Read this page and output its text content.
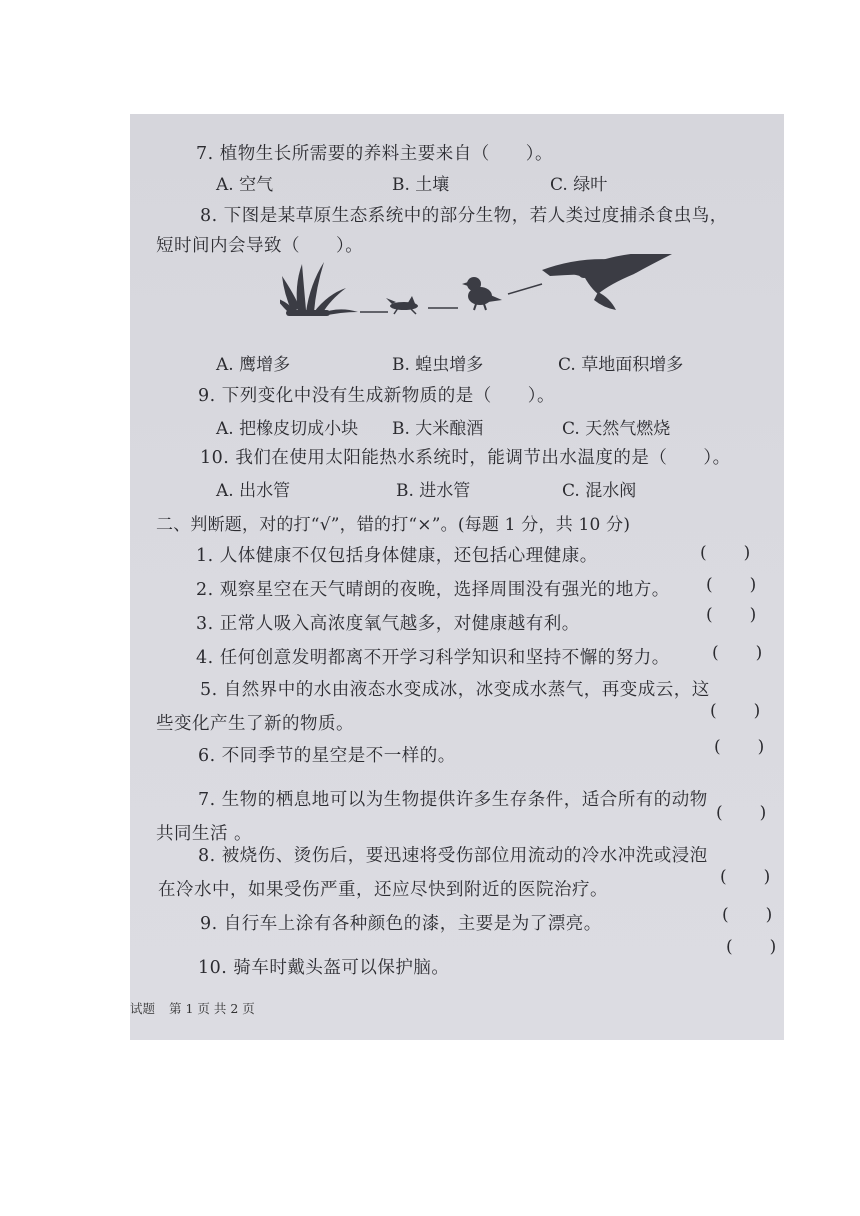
7. 植物生长所需要的养料主要来自（　　）。
A. 空气	B. 土壤	C. 绿叶
8. 下图是某草原生态系统中的部分生物，若人类过度捕杀食虫鸟，
短时间内会导致（　　）。
A. 鹰增多	B. 蝗虫增多	C. 草地面积增多
9. 下列变化中没有生成新物质的是（　　）。
A. 把橡皮切成小块 B. 大米酿酒	C. 天然气燃烧
10. 我们在使用太阳能热水系统时，能调节出水温度的是（　　）。
A. 出水管	B. 进水管	C. 混水阀
二、判断题，对的打“√”，错的打“×”。(每题 1 分，共 10 分)
1. 人体健康不仅包括身体健康，还包括心理健康。	(　)
2. 观察星空在天气晴朗的夜晚，选择周围没有强光的地方。 (　)
3. 正常人吸入高浓度氧气越多，对健康越有利。	(　)
4. 任何创意发明都离不开学习科学知识和坚持不懈的努力。 (　)
5. 自然界中的水由液态水变成冰，冰变成水蒸气，再变成云，这
些变化产生了新的物质。
(　)
6. 不同季节的星空是不一样的。	(　)
7. 生物的栖息地可以为生物提供许多生存条件，适合所有的动物
共同生活 。
(　)
8. 被烧伤、烫伤后，要迅速将受伤部位用流动的冷水冲洗或浸泡
在冷水中，如果受伤严重，还应尽快到附近的医院治疗。
(　)
9. 自行车上涂有各种颜色的漆，主要是为了漂亮。	(　)
10. 骑车时戴头盔可以保护脑。
(　)
试题 第 1 页 共 2 页
